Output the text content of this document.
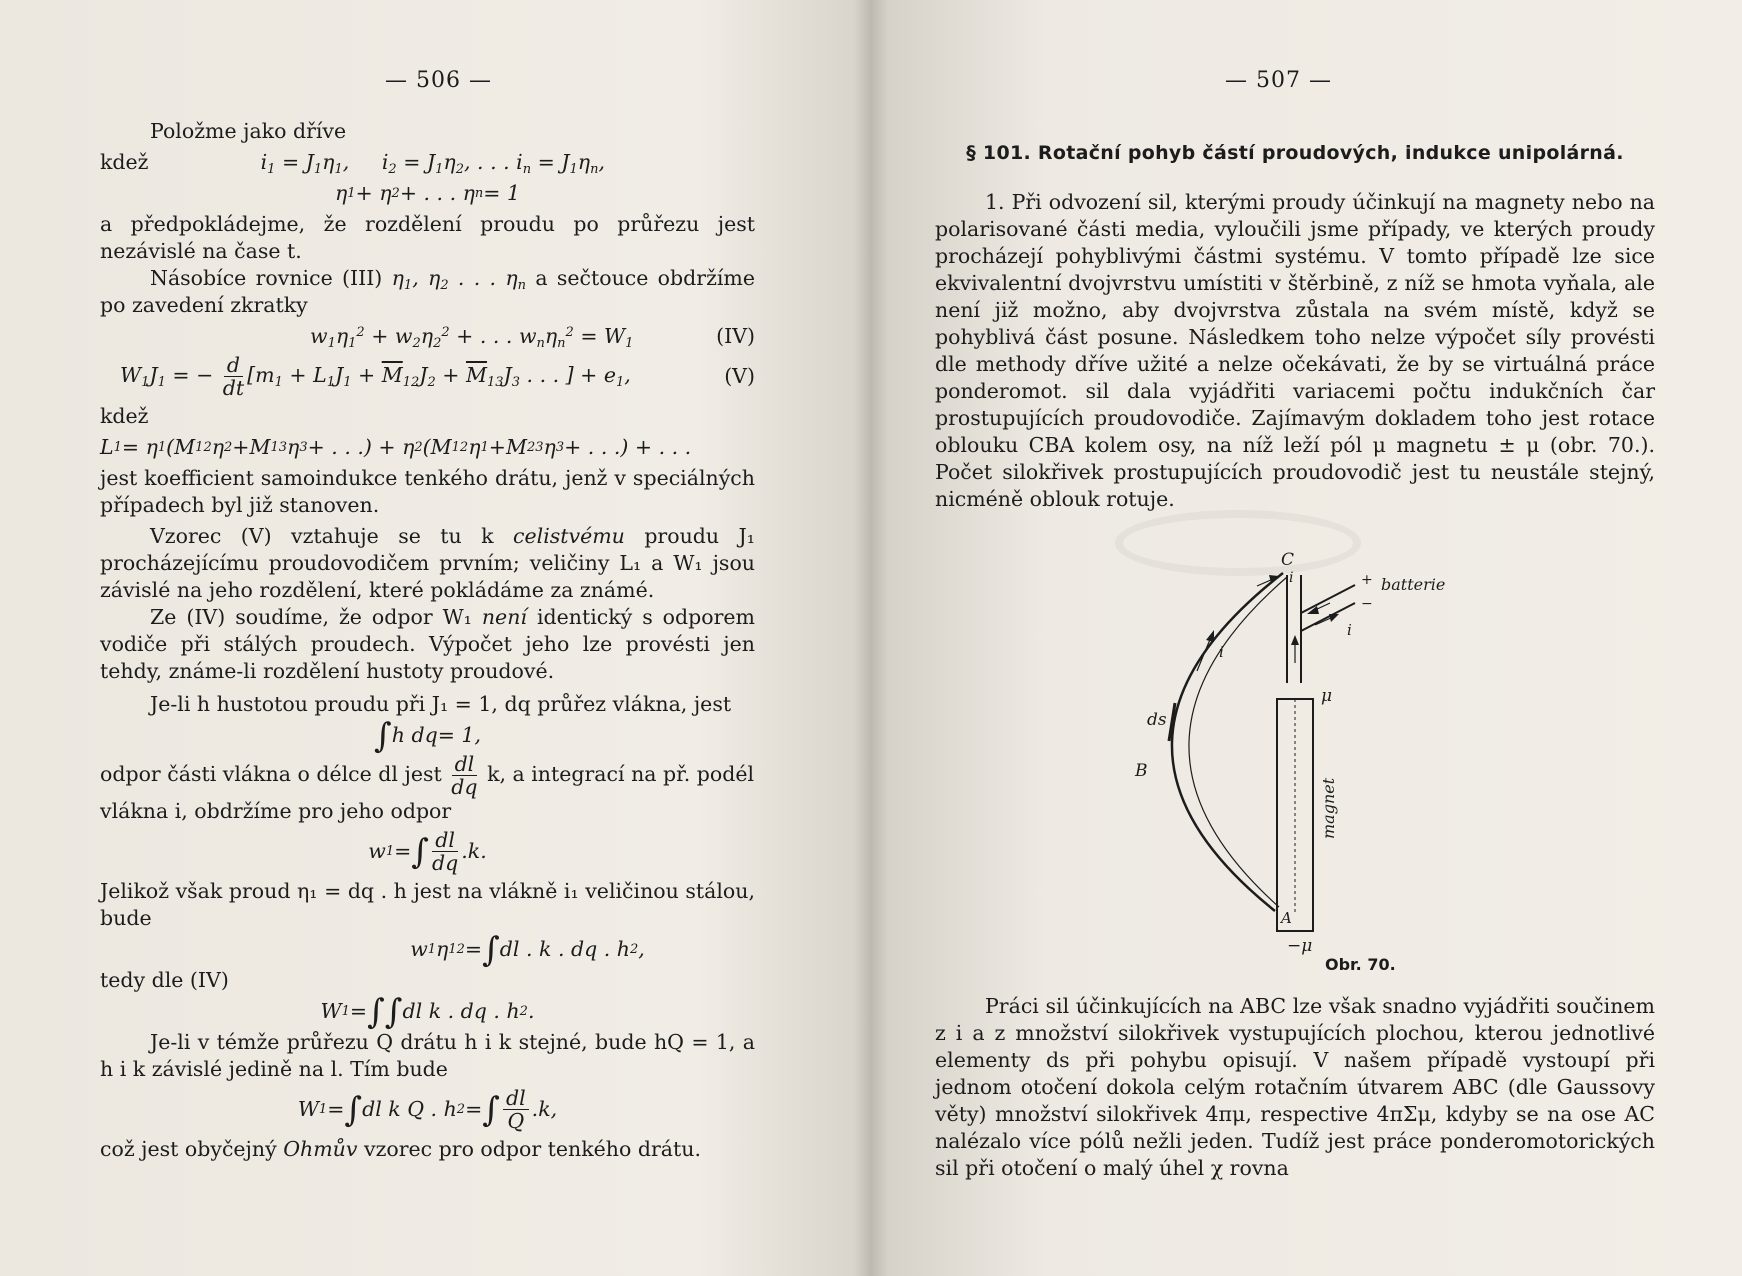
— 506 —

Položme jako dříve

kdež	$i_1 = J_1\eta_1$,     $i_2 = J_1\eta_2$, . . . $i_n = J_1\eta_n$,
η 1 + η 2 + . . . η n = 1

a předpokládejme, že rozdělení proudu po průřezu jest nezávislé na čase t.

Násobíce rovnice (III) $\eta_1$, $\eta_2$ . . . $\eta_n$ a sečtouce obdržíme po zavedení zkratky

$w_1\eta_1^2 + w_2\eta_2^2$ + . . . $w_n\eta_n^2 = W_1$	(IV)
$W_1J_1$ = − $\frac{d}{dt} [m_1 + L_1J_1 + \overline{M}_{12}J_2 + \overline{M}_{13}J_3$ . . . ] + $e_1$,	(V)

kdež

L 1 = η 1 ( M 12 η 2 + M 13 η 3 + . . .) + η 2 ( M 12 η 1 + M 23 η 3 + . . .) + . . .

jest koefficient samoindukce tenkého drátu, jenž v speciálných případech byl již stanoven.

Vzorec (V) vztahuje se tu k celistvému proudu J₁ procházejícímu proudovodičem prvním; veličiny L₁ a W₁ jsou závislé na jeho rozdělení, které pokládáme za známé.

Ze (IV) soudíme, že odpor W₁ není identický s odporem vodiče při stálých proudech. Výpočet jeho lze provésti jen tehdy, známe-li rozdělení hustoty proudové.

Je-li h hustotou proudu při J₁ = 1, dq průřez vlákna, jest

∫ h dq = 1,

odpor části vlákna o délce dl jest $\frac{dl}{dq} k$, a integrací na př. podél

vlákna i, obdržíme pro jeho odpor

w 1 = ∫ $\frac{dl}{dq}$ . k .

Jelikož však proud η₁ = dq . h jest na vlákně i₁ veličinou stálou, bude

w 1 η 1 2 = ∫ dl . k . dq . h 2 ,

tedy dle (IV)

W 1 = ∫∫ dl k . dq . h 2 .

Je-li v témže průřezu Q drátu h i k stejné, bude hQ = 1, a h i k závislé jedině na l. Tím bude

W 1 = ∫ dl k Q . h 2 = ∫ $\frac{dl}{Q}$ . k ,

což jest obyčejný Ohmův vzorec pro odpor tenkého drátu.

— 507 —
§ 101. Rotační pohyb částí proudových, indukce unipolárná.

1. Při odvození sil, kterými proudy účinkují na magnety nebo na polarisované části media, vyloučili jsme případy, ve kterých proudy procházejí pohyblivými částmi systému. V tomto případě lze sice ekvivalentní dvojvrstvu umístiti v štěrbině, z níž se hmota vyňala, ale není již možno, aby dvojvrstva zůstala na svém místě, když se pohyblivá část posune. Následkem toho nelze výpočet síly provésti dle methody dříve užité a nelze očekávati, že by se virtuálná práce ponderomot. sil dala vyjádřiti variacemi počtu indukčních čar prostupujících proudovodiče. Zajímavým dokladem toho jest rotace oblouku CBA kolem osy, na níž leží pól μ magnetu ± μ (obr. 70.). Počet silokřivek prostupujících proudovodič jest tu neustále stejný, nicméně oblouk rotuje.

C
B
A
ds
i
i
i
μ
−μ
+
−
batterie
magnet
Obr. 70.

Práci sil účinkujících na ABC lze však snadno vyjádřiti součinem z i a z množství silokřivek vystupujících plochou, kterou jednotlivé elementy ds při pohybu opisují. V našem případě vystoupí při jednom otočení dokola celým rotačním útvarem ABC (dle Gaussovy věty) množství silokřivek 4πμ, respective 4πΣμ, kdyby se na ose AC nalézalo více pólů nežli jeden. Tudíž jest práce ponderomotorických sil při otočení o malý úhel χ rovna
